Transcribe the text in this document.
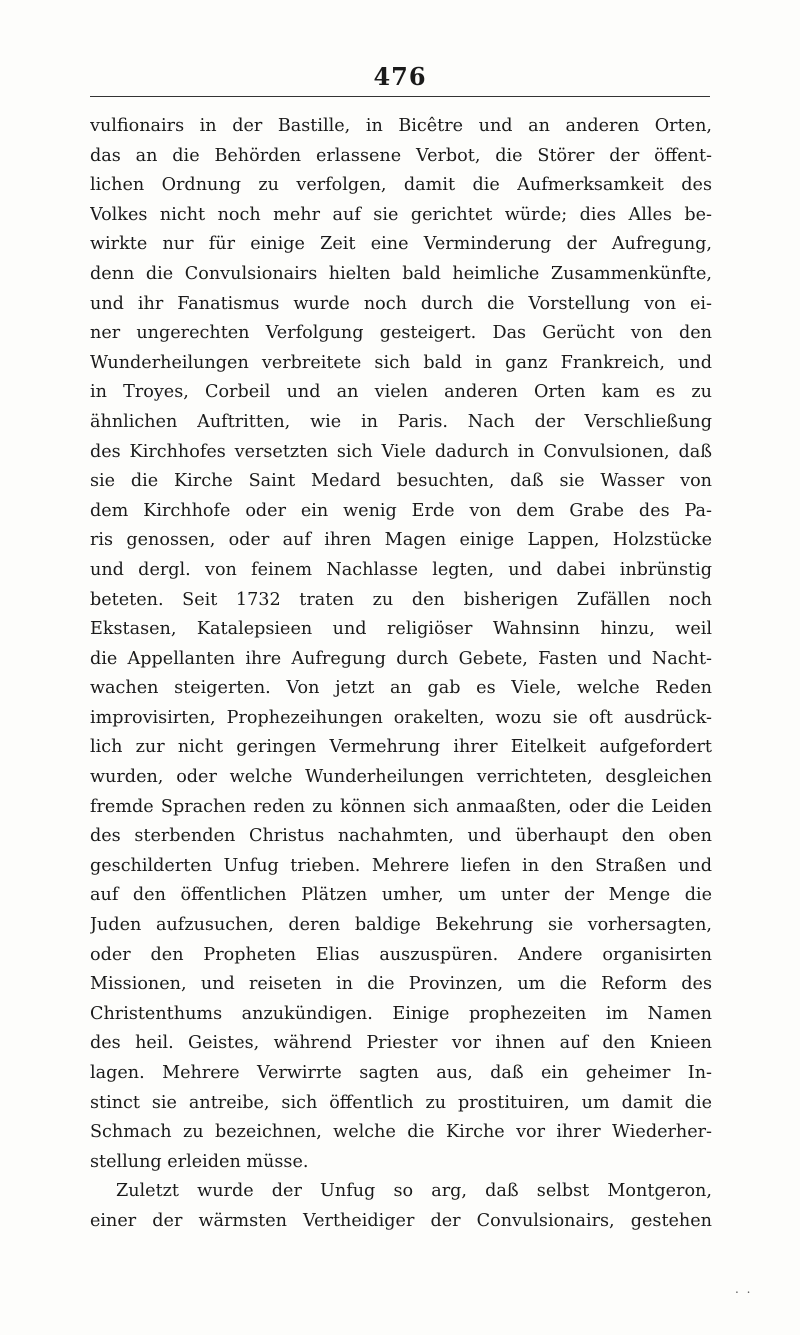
476
vulfionairs in der Bastille, in Bicêtre und an anderen Orten,
das an die Behörden erlassene Verbot, die Störer der öffent-
lichen Ordnung zu verfolgen, damit die Aufmerksamkeit des
Volkes nicht noch mehr auf sie gerichtet würde; dies Alles be-
wirkte nur für einige Zeit eine Verminderung der Aufregung,
denn die Convulsionairs hielten bald heimliche Zusammenkünfte,
und ihr Fanatismus wurde noch durch die Vorstellung von ei-
ner ungerechten Verfolgung gesteigert. Das Gerücht von den
Wunderheilungen verbreitete sich bald in ganz Frankreich, und
in Troyes, Corbeil und an vielen anderen Orten kam es zu
ähnlichen Auftritten, wie in Paris. Nach der Verschließung
des Kirchhofes versetzten sich Viele dadurch in Convulsionen, daß
sie die Kirche Saint Medard besuchten, daß sie Wasser von
dem Kirchhofe oder ein wenig Erde von dem Grabe des Pa-
ris genossen, oder auf ihren Magen einige Lappen, Holzstücke
und dergl. von feinem Nachlasse legten, und dabei inbrünstig
beteten. Seit 1732 traten zu den bisherigen Zufällen noch
Ekstasen, Katalepsieen und religiöser Wahnsinn hinzu, weil
die Appellanten ihre Aufregung durch Gebete, Fasten und Nacht-
wachen steigerten. Von jetzt an gab es Viele, welche Reden
improvisirten, Prophezeihungen orakelten, wozu sie oft ausdrück-
lich zur nicht geringen Vermehrung ihrer Eitelkeit aufgefordert
wurden, oder welche Wunderheilungen verrichteten, desgleichen
fremde Sprachen reden zu können sich anmaaßten, oder die Leiden
des sterbenden Christus nachahmten, und überhaupt den oben
geschilderten Unfug trieben. Mehrere liefen in den Straßen und
auf den öffentlichen Plätzen umher, um unter der Menge die
Juden aufzusuchen, deren baldige Bekehrung sie vorhersagten,
oder den Propheten Elias auszuspüren. Andere organisirten
Missionen, und reiseten in die Provinzen, um die Reform des
Christenthums anzukündigen. Einige prophezeiten im Namen
des heil. Geistes, während Priester vor ihnen auf den Knieen
lagen. Mehrere Verwirrte sagten aus, daß ein geheimer In-
stinct sie antreibe, sich öffentlich zu prostituiren, um damit die
Schmach zu bezeichnen, welche die Kirche vor ihrer Wiederher-
stellung erleiden müsse.
Zuletzt wurde der Unfug so arg, daß selbst Montgeron,
einer der wärmsten Vertheidiger der Convulsionairs, gestehen
. .
